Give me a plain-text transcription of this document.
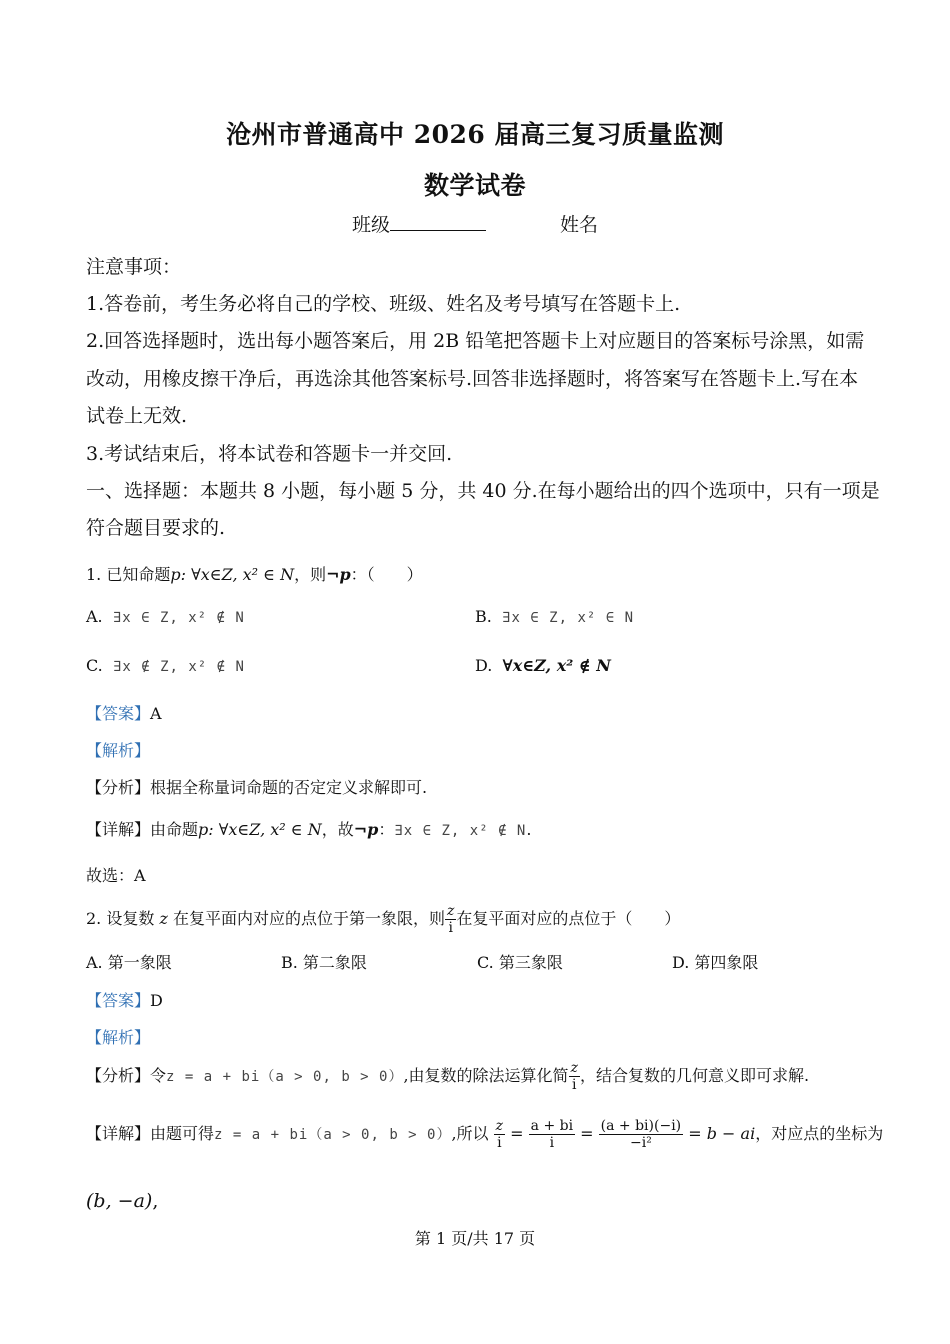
沧州市普通高中 2026 届高三复习质量监测
数学试卷
班级	姓名
注意事项：
1.答卷前，考生务必将自己的学校、班级、姓名及考号填写在答题卡上.
2.回答选择题时，选出每小题答案后，用 2B 铅笔把答题卡上对应题目的答案标号涂黑，如需
改动，用橡皮擦干净后，再选涂其他答案标号.回答非选择题时，将答案写在答题卡上.写在本
试卷上无效.
3.考试结束后，将本试卷和答题卡一并交回.
一、选择题：本题共 8 小题，每小题 5 分，共 40 分.在每小题给出的四个选项中，只有一项是
符合题目要求的.
1. 已知命题p: ∀x∈Z, x² ∈ N，则¬p：（　　）
A. ∃x ∈ Z, x² ∉ N	B. ∃x ∈ Z, x² ∈ N
C. ∃x ∉ Z, x² ∉ N	D. ∀x∈Z, x² ∉ N
【答案】A
【解析】
【分析】根据全称量词命题的否定定义求解即可.
【详解】由命题p: ∀x∈Z, x² ∈ N，故¬p：∃x ∈ Z, x² ∉ N.
故选：A
2. 设复数 z 在复平面内对应的点位于第一象限，则 $\frac{z}{i}$ 在复平面对应的点位于（　　）
A. 第一象限	B. 第二象限	C. 第三象限	D. 第四象限
【答案】D
【解析】
【分析】令z = a + bi（a > 0, b > 0）,由复数的除法运算化简 $\frac{z}{i}$ ，结合复数的几何意义即可求解.
【详解】由题可得z = a + bi（a > 0, b > 0）,所以 $\frac{z}{i} = \frac{a + bi}{i} = \frac{(a + bi)(-i)}{\text{−i²}} = b$ − ai，对应点的坐标为
(b, −a),
第 1 页/共 17 页
